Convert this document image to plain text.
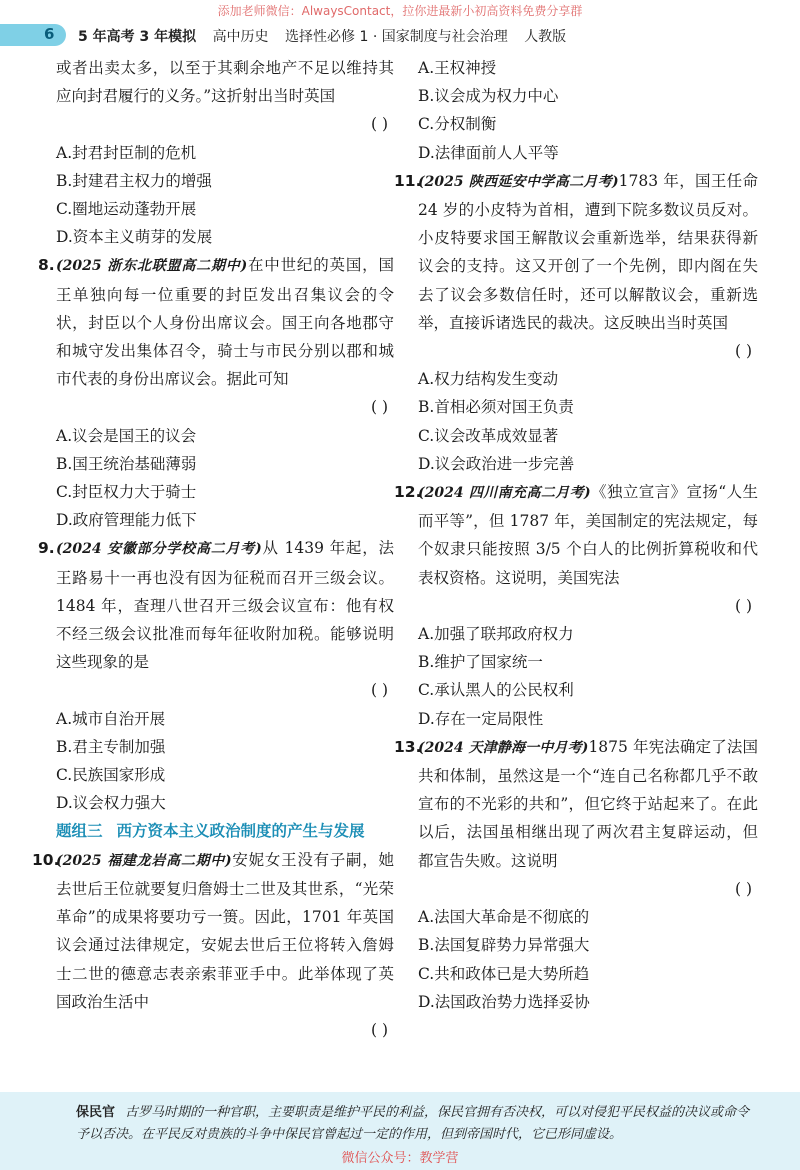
添加老师微信：AlwaysContact，拉你进最新小初高资料免费分享群
6 5 年高考 3 年模拟 高中历史 选择性必修 1 · 国家制度与社会治理 人教版

或者出卖太多，以至于其剩余地产不足以维持其应向封君履行的义务。”这折射出当时英国

( )

A.封君封臣制的危机

B.封建君主权力的增强

C.圈地运动蓬勃开展

D.资本主义萌芽的发展

8. (2025 浙东北联盟高二期中)在中世纪的英国，国王单独向每一位重要的封臣发出召集议会的令状，封臣以个人身份出席议会。国王向各地郡守和城守发出集体召令，骑士与市民分别以郡和城市代表的身份出席议会。据此可知

( )

A.议会是国王的议会

B.国王统治基础薄弱

C.封臣权力大于骑士

D.政府管理能力低下

9. (2024 安徽部分学校高二月考)从 1439 年起，法王路易十一再也没有因为征税而召开三级会议。1484 年，查理八世召开三级会议宣布：他有权不经三级会议批准而每年征收附加税。能够说明这些现象的是

( )

A.城市自治开展

B.君主专制加强

C.民族国家形成

D.议会权力强大

题组三 西方资本主义政治制度的产生与发展

10.

(2025 福建龙岩高二期中)安妮女王没有子嗣，她去世后王位就要复归詹姆士二世及其世系，“光荣革命”的成果将要功亏一篑。因此，1701 年英国议会通过法律规定，安妮去世后王位将转入詹姆士二世的德意志表亲索菲亚手中。此举体现了英国政治生活中

( )

A.王权神授

B.议会成为权力中心

C.分权制衡

D.法律面前人人平等

11.

(2025 陕西延安中学高二月考)1783 年，国王任命 24 岁的小皮特为首相，遭到下院多数议员反对。小皮特要求国王解散议会重新选举，结果获得新议会的支持。这又开创了一个先例，即内阁在失去了议会多数信任时，还可以解散议会，重新选举，直接诉诸选民的裁决。这反映出当时英国

( )

A.权力结构发生变动

B.首相必须对国王负责

C.议会改革成效显著

D.议会政治进一步完善

12.

(2024 四川南充高二月考)《独立宣言》宣扬“人生而平等”，但 1787 年，美国制定的宪法规定，每个奴隶只能按照 3/5 个白人的比例折算税收和代表权资格。这说明，美国宪法

( )

A.加强了联邦政府权力

B.维护了国家统一

C.承认黑人的公民权利

D.存在一定局限性

13.

(2024 天津静海一中月考)1875 年宪法确定了法国共和体制，虽然这是一个“连自己名称都几乎不敢宣布的不光彩的共和”，但它终于站起来了。在此以后，法国虽相继出现了两次君主复辟运动，但都宣告失败。这说明

( )

A.法国大革命是不彻底的

B.法国复辟势力异常强大

C.共和政体已是大势所趋

D.法国政治势力选择妥协

保民官 古罗马时期的一种官职，主要职责是维护平民的利益，保民官拥有否决权，可以对侵犯平民权益的决议或命令予以否决。在平民反对贵族的斗争中保民官曾起过一定的作用，但到帝国时代，它已形同虚设。
微信公众号：教学营
